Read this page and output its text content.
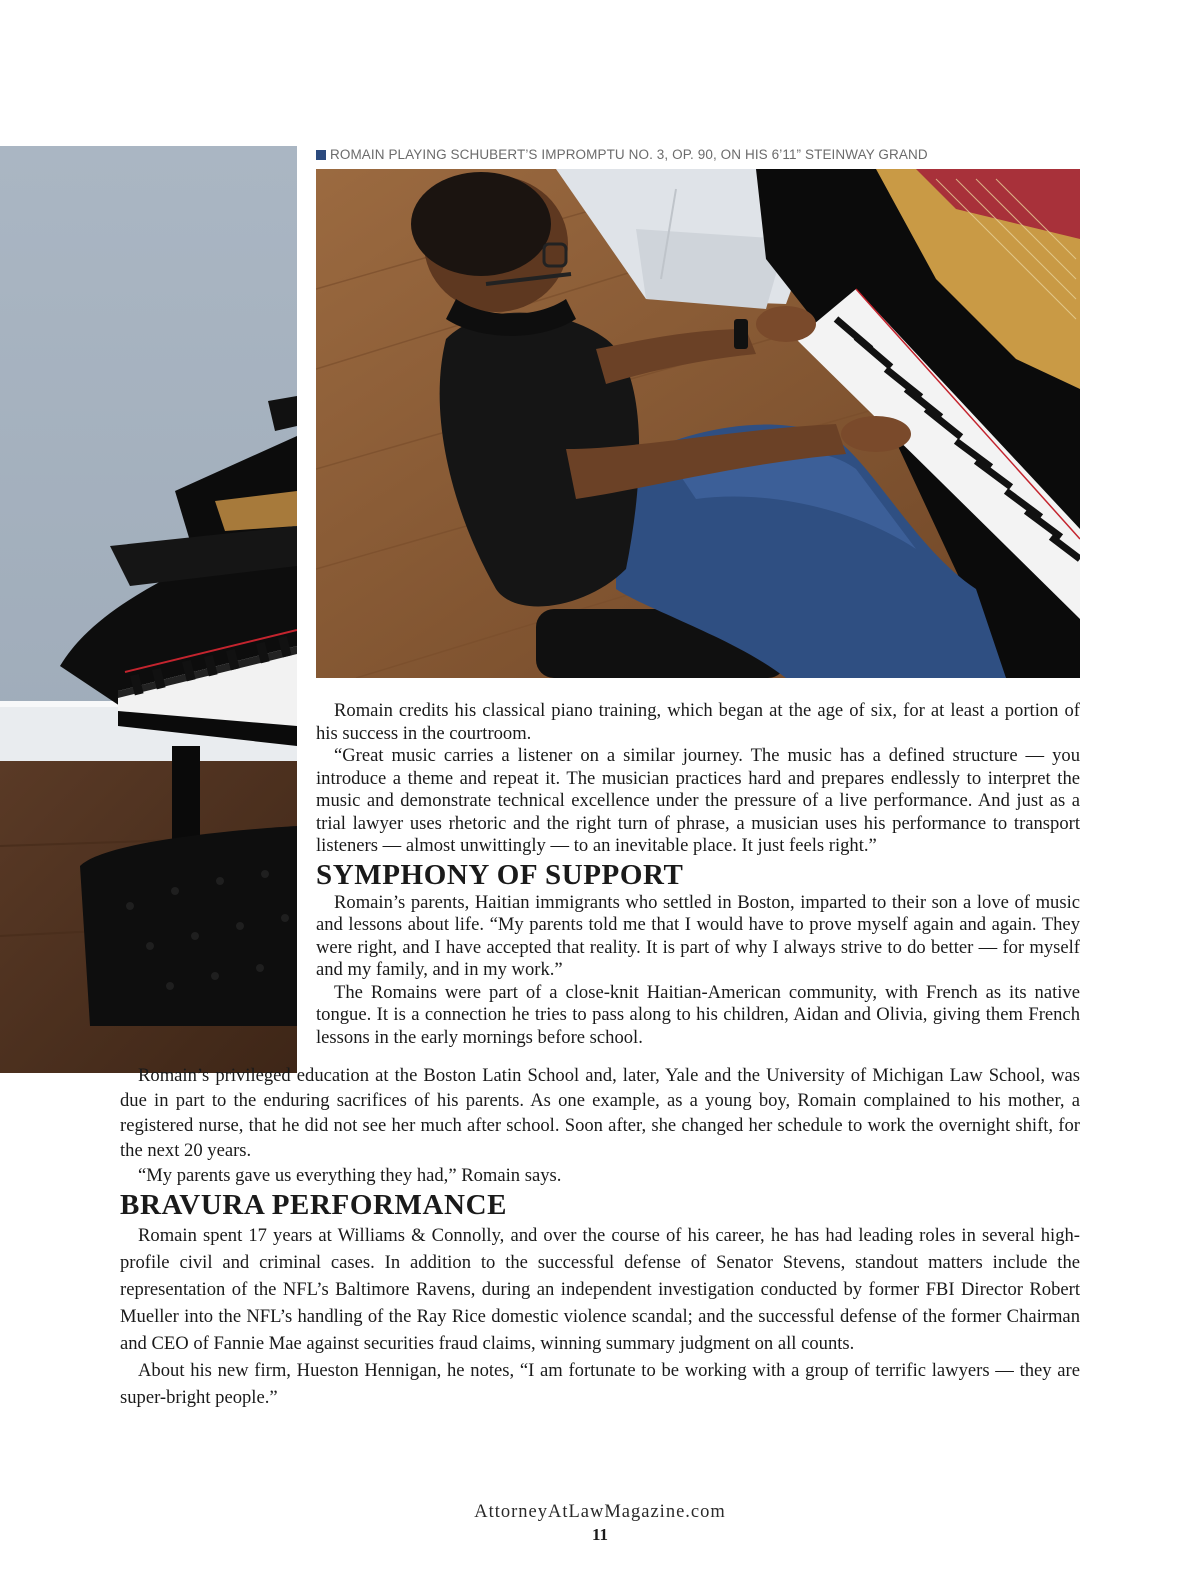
ROMAIN PLAYING SCHUBERT’S IMPROMPTU NO. 3, OP. 90, ON HIS 6’11” STEINWAY GRAND

Romain credits his classical piano training, which began at the age of six, for at least a portion of his success in the courtroom.

“Great music carries a listener on a similar journey. The music has a defined structure — you introduce a theme and repeat it. The musician practices hard and prepares endlessly to interpret the music and demonstrate technical excellence under the pressure of a live performance. And just as a trial lawyer uses rhetoric and the right turn of phrase, a musician uses his performance to transport listeners — almost unwittingly — to an inevitable place. It just feels right.”

SYMPHONY OF SUPPORT

Romain’s parents, Haitian immigrants who settled in Boston, imparted to their son a love of music and lessons about life. “My parents told me that I would have to prove myself again and again. They were right, and I have accepted that reality. It is part of why I always strive to do better — for myself and my family, and in my work.”

The Romains were part of a close-knit Haitian-American community, with French as its native tongue. It is a connection he tries to pass along to his children, Aidan and Olivia, giving them French lessons in the early mornings before school.

Romain’s privileged education at the Boston Latin School and, later, Yale and the University of Michigan Law School, was due in part to the enduring sacrifices of his parents. As one example, as a young boy, Romain complained to his mother, a registered nurse, that he did not see her much after school. Soon after, she changed her schedule to work the overnight shift, for the next 20 years.

“My parents gave us everything they had,” Romain says.

BRAVURA PERFORMANCE

Romain spent 17 years at Williams & Connolly, and over the course of his career, he has had leading roles in several high-profile civil and criminal cases. In addition to the successful defense of Senator Stevens, standout matters include the representation of the NFL’s Baltimore Ravens, during an independent investigation conducted by former FBI Director Robert Mueller into the NFL’s handling of the Ray Rice domestic violence scandal; and the successful defense of the former Chairman and CEO of Fannie Mae against securities fraud claims, winning summary judgment on all counts.

About his new firm, Hueston Hennigan, he notes, “I am fortunate to be working with a group of terrific lawyers — they are super-bright people.”

AttorneyAtLawMagazine.com
11
